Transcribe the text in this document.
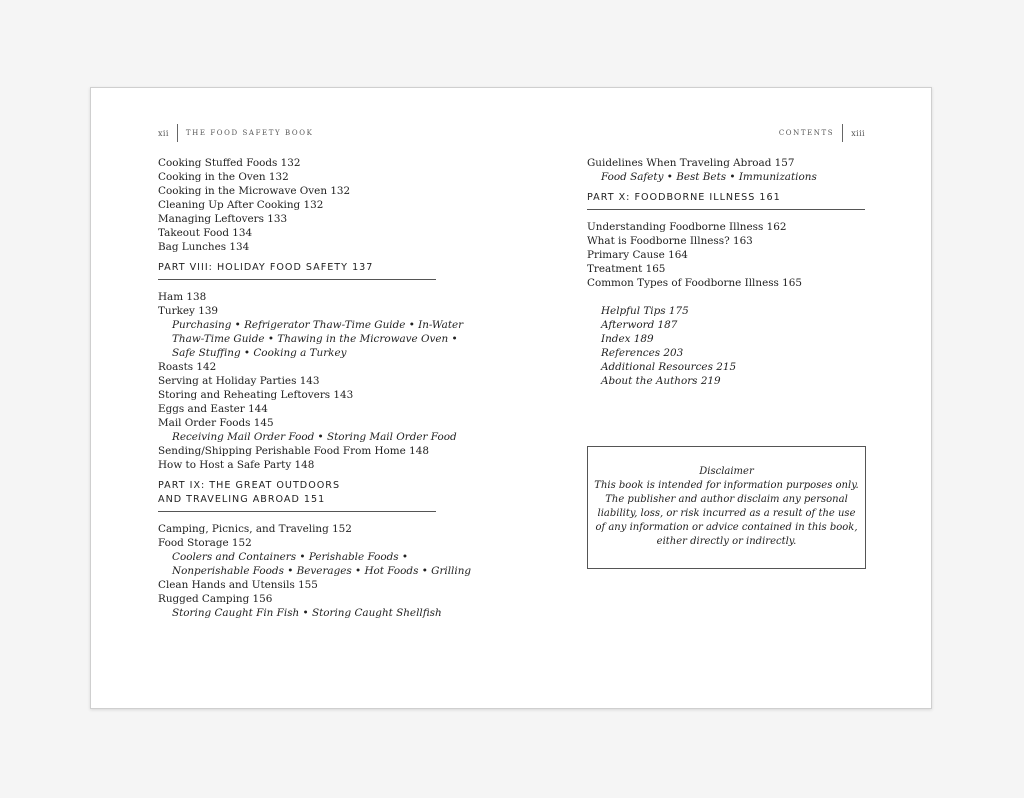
xii THE FOOD SAFETY BOOK	CONTENTS xiii
Cooking Stuffed Foods 132
Cooking in the Oven 132
Cooking in the Microwave Oven 132
Cleaning Up After Cooking 132
Managing Leftovers 133
Takeout Food 134
Bag Lunches 134
PART VIII: HOLIDAY FOOD SAFETY 137
Ham 138
Turkey 139
Purchasing • Refrigerator Thaw-Time Guide • In-Water
Thaw-Time Guide • Thawing in the Microwave Oven •
Safe Stuffing • Cooking a Turkey
Roasts 142
Serving at Holiday Parties 143
Storing and Reheating Leftovers 143
Eggs and Easter 144
Mail Order Foods 145
Receiving Mail Order Food • Storing Mail Order Food
Sending/Shipping Perishable Food From Home 148
How to Host a Safe Party 148
PART IX: THE GREAT OUTDOORS
AND TRAVELING ABROAD 151
Camping, Picnics, and Traveling 152
Food Storage 152
Coolers and Containers • Perishable Foods •
Nonperishable Foods • Beverages • Hot Foods • Grilling
Clean Hands and Utensils 155
Rugged Camping 156
Storing Caught Fin Fish • Storing Caught Shellfish
Guidelines When Traveling Abroad 157
Food Safety • Best Bets • Immunizations
PART X: FOODBORNE ILLNESS 161
Understanding Foodborne Illness 162
What is Foodborne Illness? 163
Primary Cause 164
Treatment 165
Common Types of Foodborne Illness 165
Helpful Tips 175
Afterword 187
Index 189
References 203
Additional Resources 215
About the Authors 219
Disclaimer
This book is intended for information purposes only.
The publisher and author disclaim any personal
liability, loss, or risk incurred as a result of the use
of any information or advice contained in this book,
either directly or indirectly.
